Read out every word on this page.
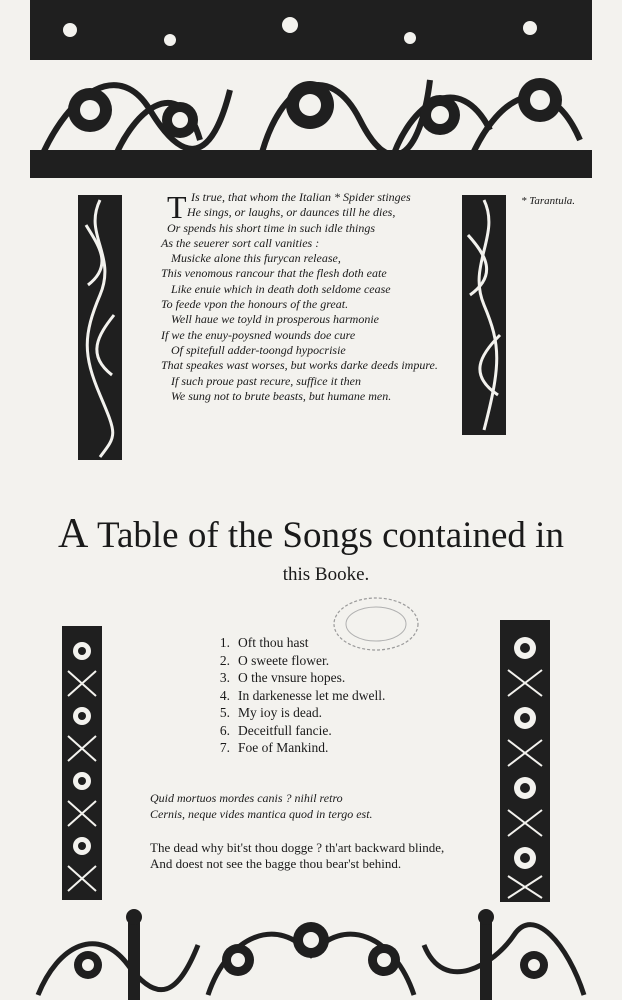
T Is true, that whom the Italian * Spider stinges
He sings, or laughs, or daunces till he dies,
Or spends his short time in such idle things
As the seuerer sort call vanities :
Musicke alone this furycan release,
This venomous rancour that the flesh doth eate
Like enuie which in death doth seldome cease
To feede vpon the honours of the great.
Well haue we toyld in prosperous harmonie
If we the enuy-poysned wounds doe cure
Of spitefull adder-toongd hypocrisie
That speakes wast worses, but works darke deeds impure.
If such proue past recure, suffice it then
We sung not to brute beasts, but humane men.
* Tarantula.
A Table of the Songs contained in
this Booke.
1. Oft thou hast
2. O sweete flower.
3. O the vnsure hopes.
4. In darkenesse let me dwell.
5. My ioy is dead.
6. Deceitfull fancie.
7. Foe of Mankind.
Quid mortuos mordes canis ? nihil retro
Cernis, neque vides mantica quod in tergo est.
The dead why bit'st thou dogge ? th'art backward blinde,
And doest not see the bagge thou bear'st behind.
